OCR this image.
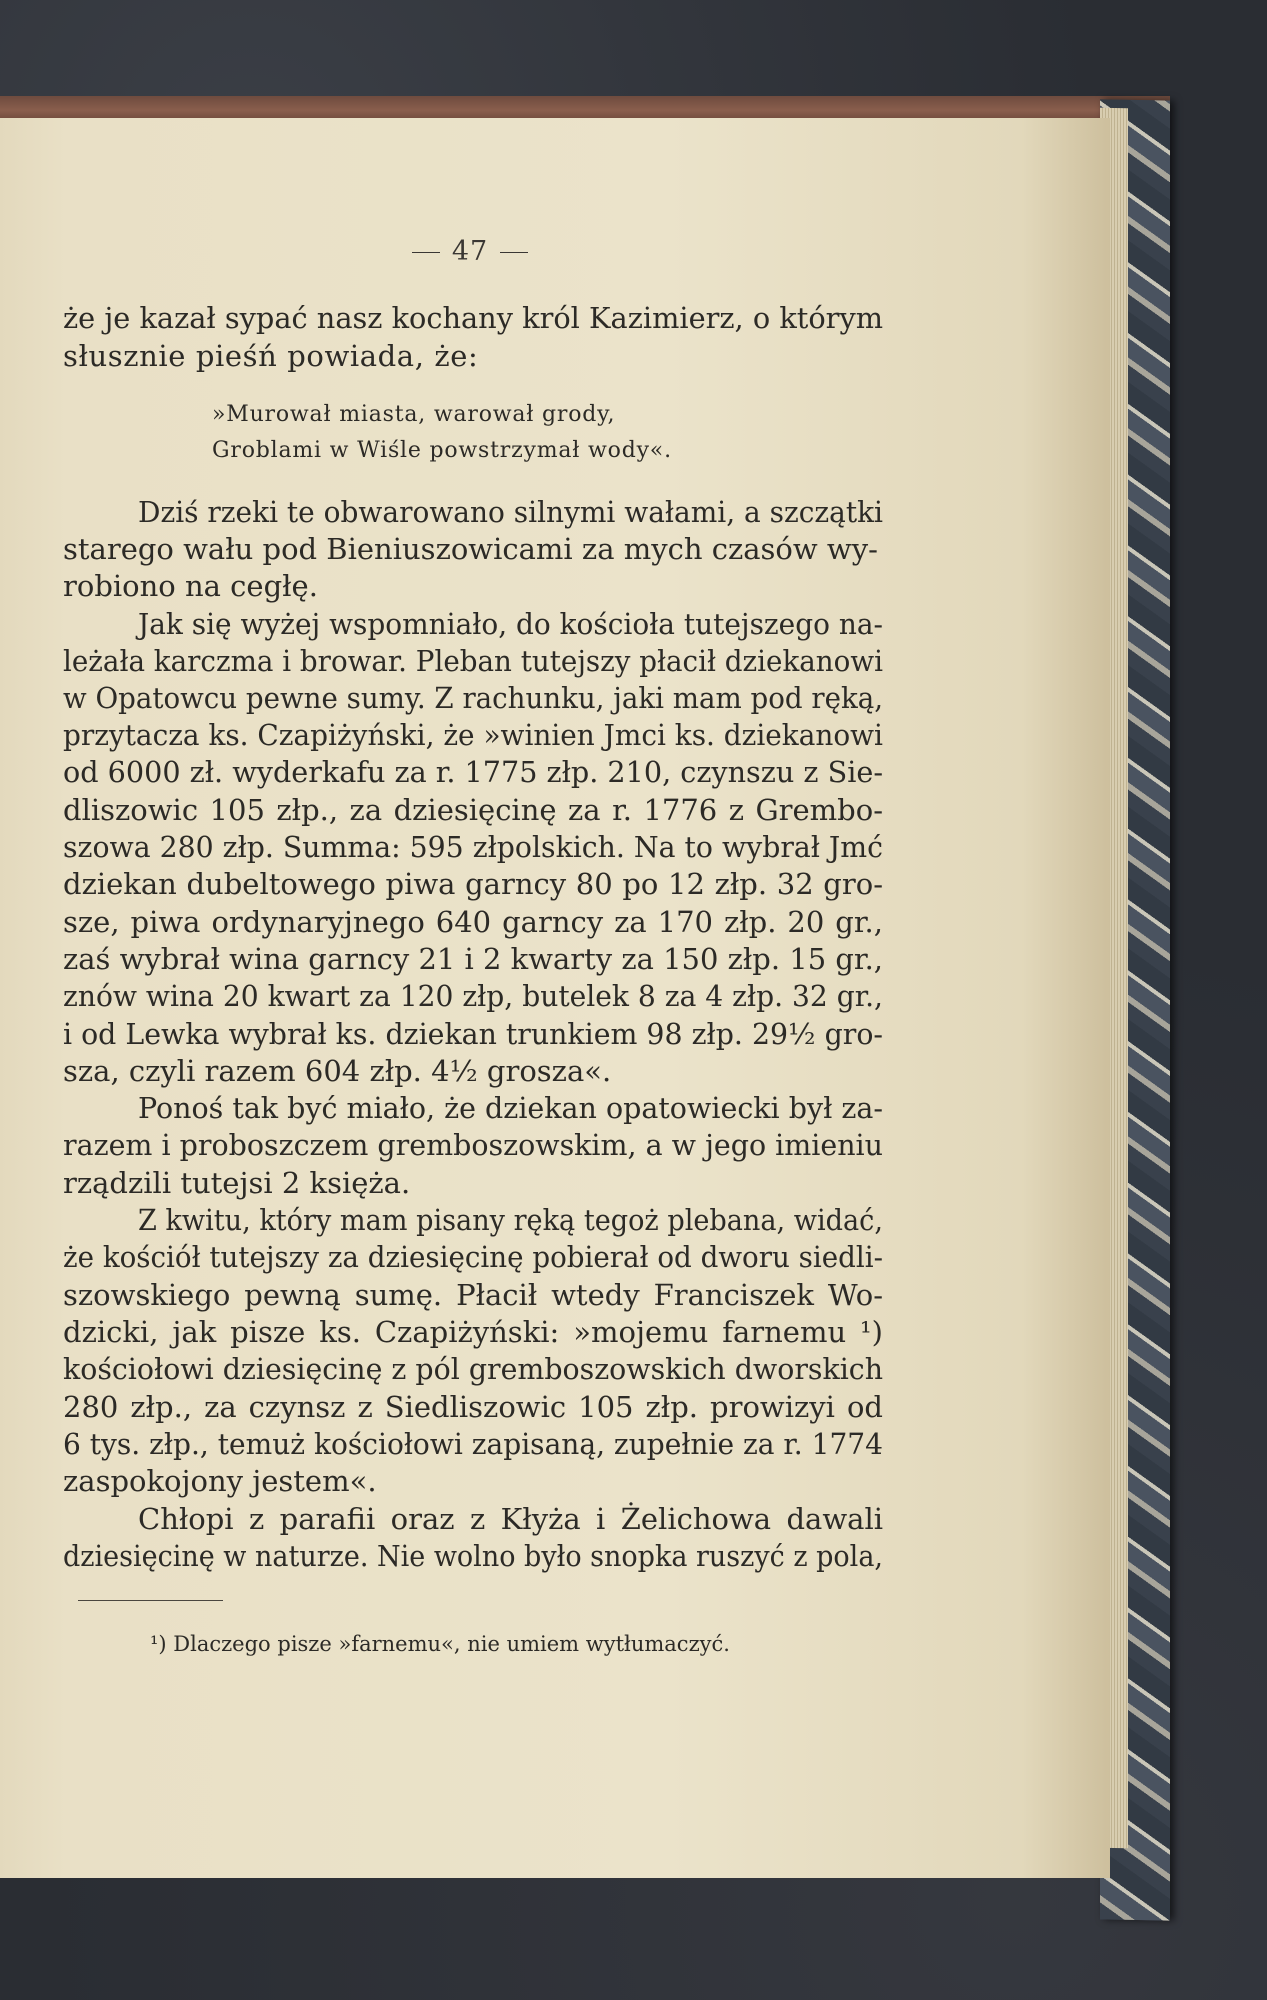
47
że je kazał sypać nasz kochany król Kazimierz, o którym
słusznie pieśń powiada, że:
»Murował miasta, warował grody,
Groblami w Wiśle powstrzymał wody«.
Dziś rzeki te obwarowano silnymi wałami, a szczątki
starego wału pod Bieniuszowicami za mych czasów wy-
robiono na cegłę.
Jak się wyżej wspomniało, do kościoła tutejszego na-
leżała karczma i browar. Pleban tutejszy płacił dziekanowi
w Opatowcu pewne sumy. Z rachunku, jaki mam pod ręką,
przytacza ks. Czapiżyński, że »winien Jmci ks. dziekanowi
od 6000 zł. wyderkafu za r. 1775 złp. 210, czynszu z Sie-
dliszowic 105 złp., za dziesięcinę za r. 1776 z Grembo-
szowa 280 złp. Summa: 595 złpolskich. Na to wybrał Jmć
dziekan dubeltowego piwa garncy 80 po 12 złp. 32 gro-
sze, piwa ordynaryjnego 640 garncy za 170 złp. 20 gr.,
zaś wybrał wina garncy 21 i 2 kwarty za 150 złp. 15 gr.,
znów wina 20 kwart za 120 złp, butelek 8 za 4 złp. 32 gr.,
i od Lewka wybrał ks. dziekan trunkiem 98 złp. 29½ gro-
sza, czyli razem 604 złp. 4½ grosza«.
Ponoś tak być miało, że dziekan opatowiecki był za-
razem i proboszczem gremboszowskim, a w jego imieniu
rządzili tutejsi 2 księża.
Z kwitu, który mam pisany ręką tegoż plebana, widać,
że kościół tutejszy za dziesięcinę pobierał od dworu siedli-
szowskiego pewną sumę. Płacił wtedy Franciszek Wo-
dzicki, jak pisze ks. Czapiżyński: »mojemu farnemu ¹)
kościołowi dziesięcinę z pól gremboszowskich dworskich
280 złp., za czynsz z Siedliszowic 105 złp. prowizyi od
6 tys. złp., temuż kościołowi zapisaną, zupełnie za r. 1774
zaspokojony jestem«.
Chłopi z parafii oraz z Kłyża i Żelichowa dawali
dziesięcinę w naturze. Nie wolno było snopka ruszyć z pola,
¹) Dlaczego pisze »farnemu«, nie umiem wytłumaczyć.
